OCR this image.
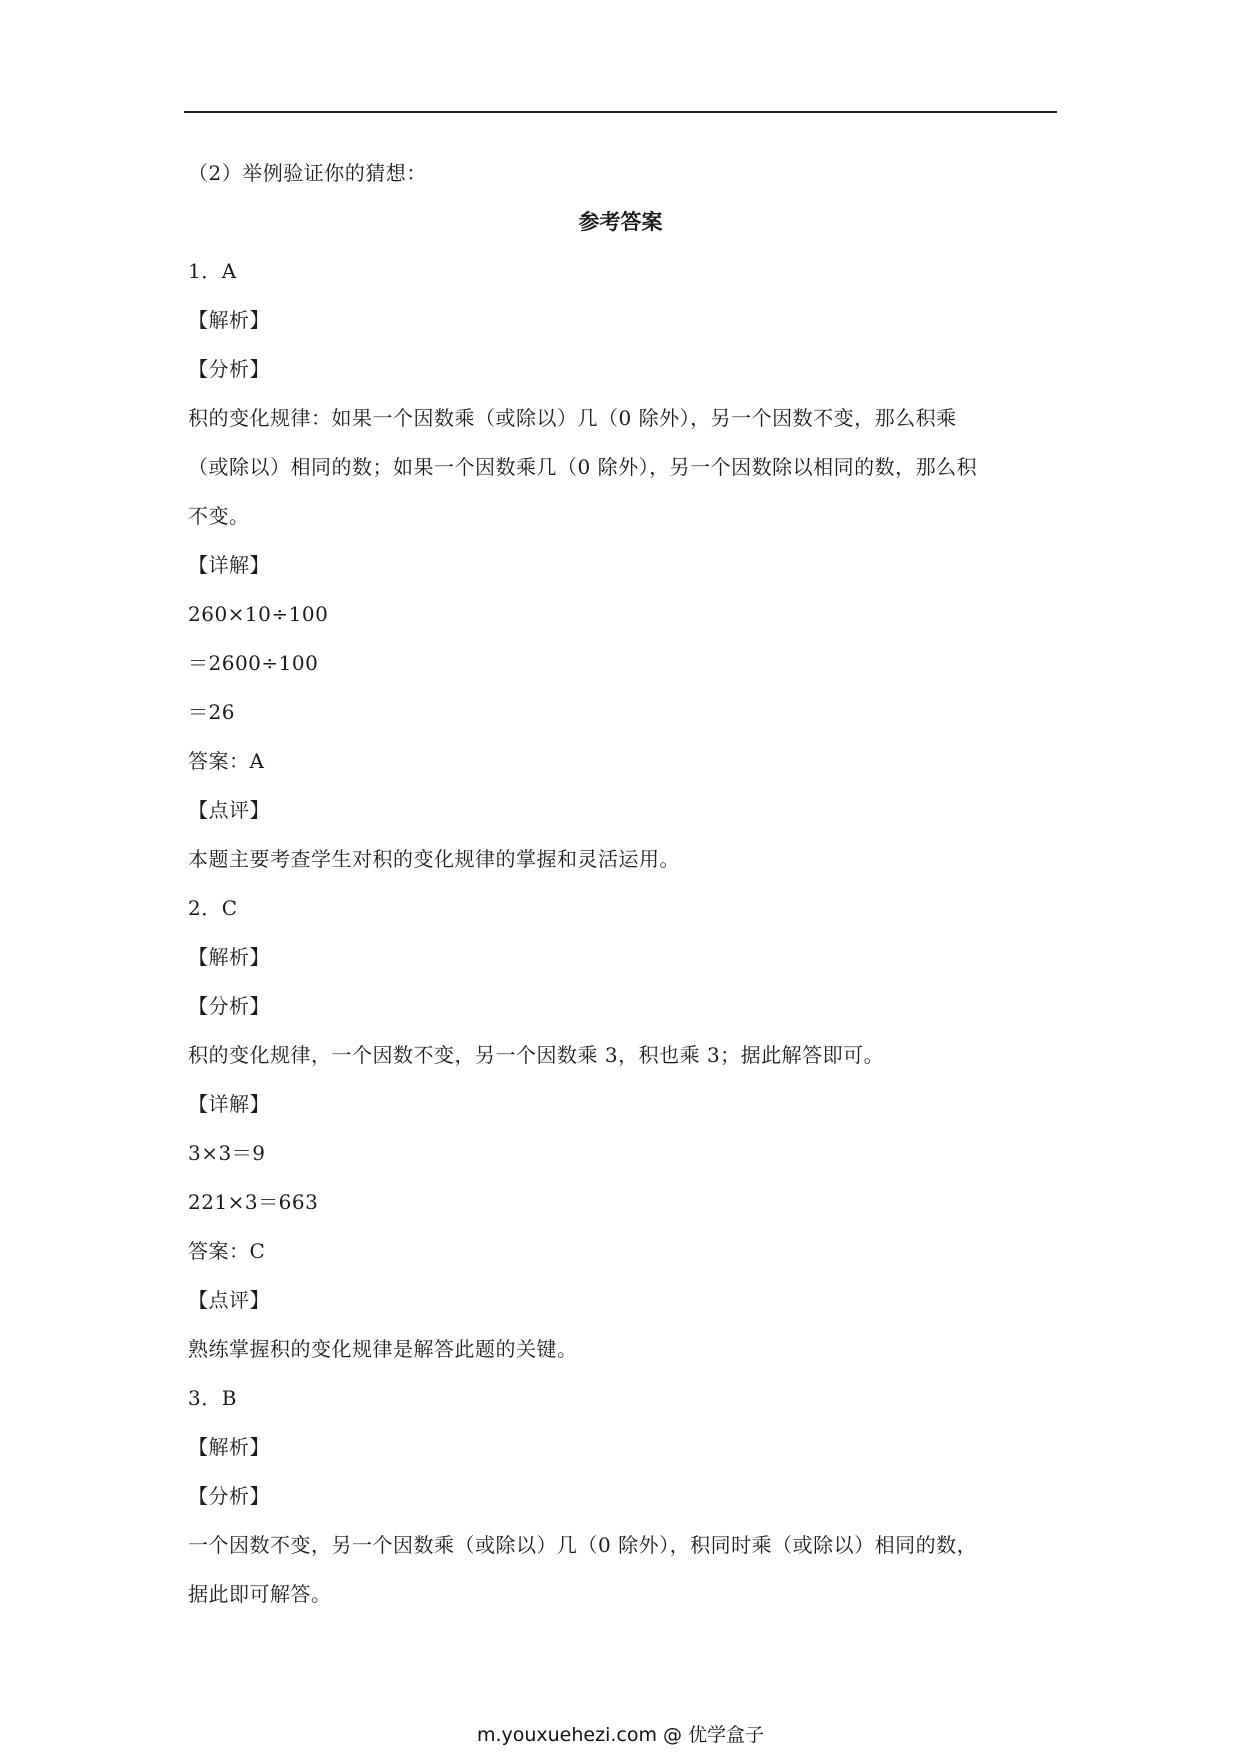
（2）举例验证你的猜想：
参考答案
1．A
【解析】
【分析】
积的变化规律：如果一个因数乘（或除以）几（0 除外），另一个因数不变，那么积乘
（或除以）相同的数；如果一个因数乘几（0 除外），另一个因数除以相同的数，那么积
不变。
【详解】
260×10÷100
＝2600÷100
＝26
答案：A
【点评】
本题主要考查学生对积的变化规律的掌握和灵活运用。
2．C
【解析】
【分析】
积的变化规律，一个因数不变，另一个因数乘 3，积也乘 3；据此解答即可。
【详解】
3×3＝9
221×3＝663
答案：C
【点评】
熟练掌握积的变化规律是解答此题的关键。
3．B
【解析】
【分析】
一个因数不变，另一个因数乘（或除以）几（0 除外），积同时乘（或除以）相同的数，
据此即可解答。
m.youxuehezi.com @ 优学盒子
